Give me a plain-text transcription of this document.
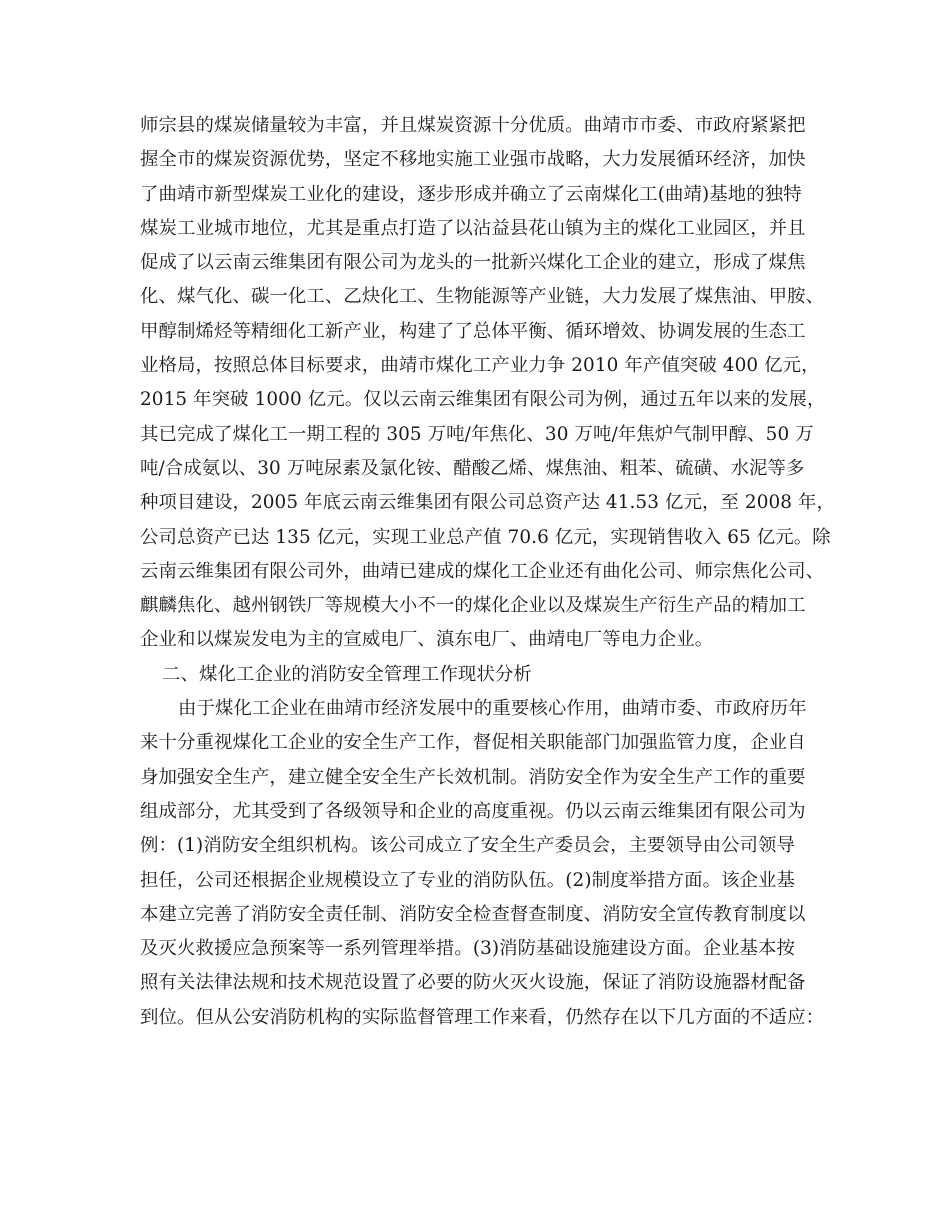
师宗县的煤炭储量较为丰富，并且煤炭资源十分优质。曲靖市市委、市政府紧紧把
握全市的煤炭资源优势，坚定不移地实施工业强市战略，大力发展循环经济，加快
了曲靖市新型煤炭工业化的建设，逐步形成并确立了云南煤化工(曲靖)基地的独特
煤炭工业城市地位，尤其是重点打造了以沾益县花山镇为主的煤化工业园区，并且
促成了以云南云维集团有限公司为龙头的一批新兴煤化工企业的建立，形成了煤焦
化、煤气化、碳一化工、乙炔化工、生物能源等产业链，大力发展了煤焦油、甲胺、
甲醇制烯烃等精细化工新产业，构建了了总体平衡、循环增效、协调发展的生态工
业格局，按照总体目标要求，曲靖市煤化工产业力争 2010 年产值突破 400 亿元，
2015 年突破 1000 亿元。仅以云南云维集团有限公司为例，通过五年以来的发展，
其已完成了煤化工一期工程的 305 万吨/年焦化、30 万吨/年焦炉气制甲醇、50 万
吨/合成氨以、30 万吨尿素及氯化铵、醋酸乙烯、煤焦油、粗苯、硫磺、水泥等多
种项目建设，2005 年底云南云维集团有限公司总资产达 41.53 亿元，至 2008 年，
公司总资产已达 135 亿元，实现工业总产值 70.6 亿元，实现销售收入 65 亿元。除
云南云维集团有限公司外，曲靖已建成的煤化工企业还有曲化公司、师宗焦化公司、
麒麟焦化、越州钢铁厂等规模大小不一的煤化企业以及煤炭生产衍生产品的精加工
企业和以煤炭发电为主的宣威电厂、滇东电厂、曲靖电厂等电力企业。
二、煤化工企业的消防安全管理工作现状分析
由于煤化工企业在曲靖市经济发展中的重要核心作用，曲靖市委、市政府历年
来十分重视煤化工企业的安全生产工作，督促相关职能部门加强监管力度，企业自
身加强安全生产，建立健全安全生产长效机制。消防安全作为安全生产工作的重要
组成部分，尤其受到了各级领导和企业的高度重视。仍以云南云维集团有限公司为
例：(1)消防安全组织机构。该公司成立了安全生产委员会，主要领导由公司领导
担任，公司还根据企业规模设立了专业的消防队伍。(2)制度举措方面。该企业基
本建立完善了消防安全责任制、消防安全检查督查制度、消防安全宣传教育制度以
及灭火救援应急预案等一系列管理举措。(3)消防基础设施建设方面。企业基本按
照有关法律法规和技术规范设置了必要的防火灭火设施，保证了消防设施器材配备
到位。但从公安消防机构的实际监督管理工作来看，仍然存在以下几方面的不适应：
